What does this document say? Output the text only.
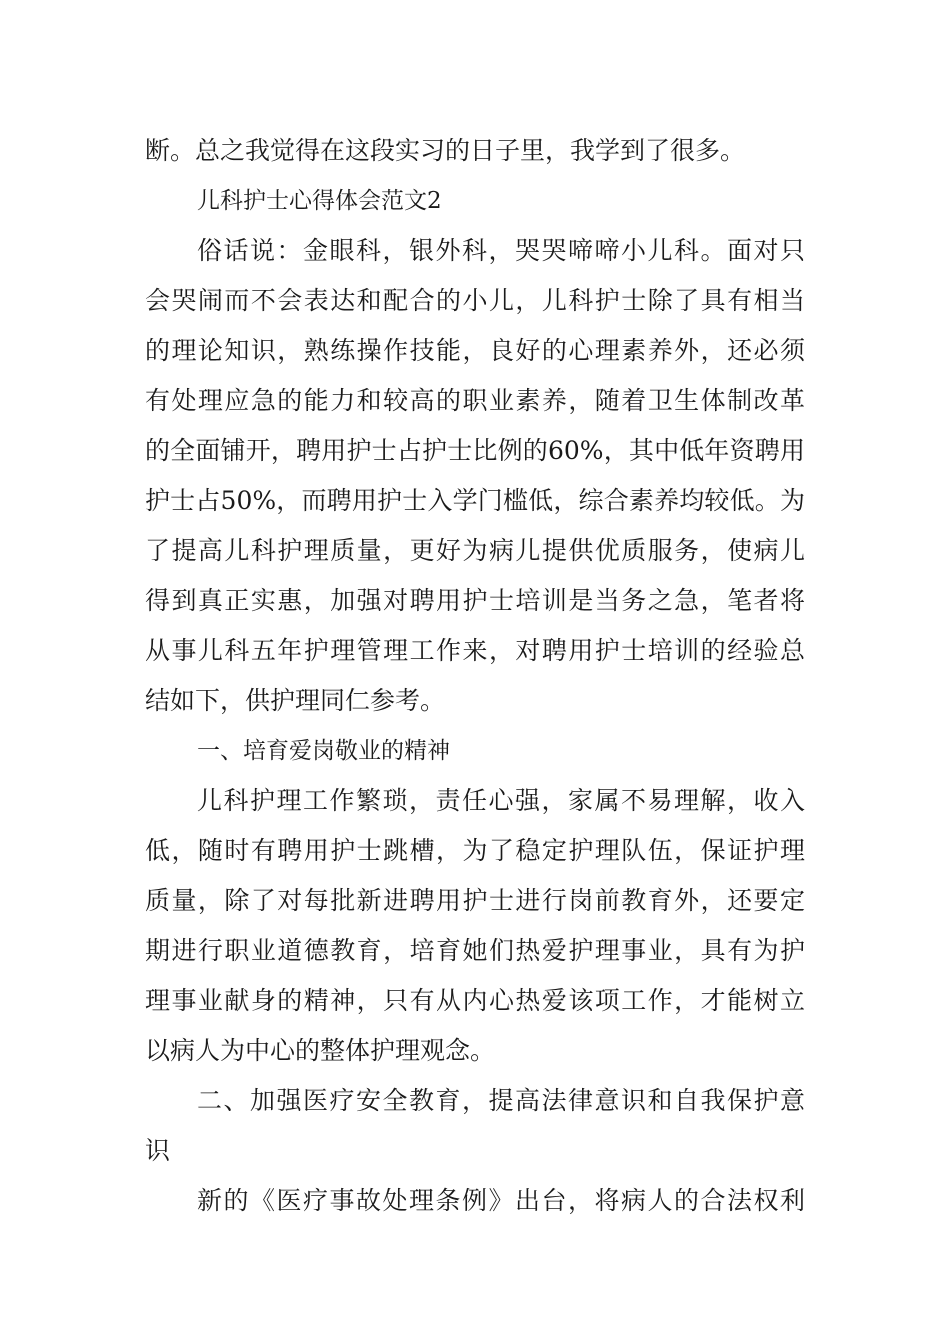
断。总之我觉得在这段实习的日子里，我学到了很多。
儿科护士心得体会范文2
俗话说：金眼科，银外科，哭哭啼啼小儿科。面对只
会哭闹而不会表达和配合的小儿，儿科护士除了具有相当
的理论知识，熟练操作技能，良好的心理素养外，还必须
有处理应急的能力和较高的职业素养，随着卫生体制改革
的全面铺开，聘用护士占护士比例的60%，其中低年资聘用
护士占50%，而聘用护士入学门槛低，综合素养均较低。为
了提高儿科护理质量，更好为病儿提供优质服务，使病儿
得到真正实惠，加强对聘用护士培训是当务之急，笔者将
从事儿科五年护理管理工作来，对聘用护士培训的经验总
结如下，供护理同仁参考。
一、培育爱岗敬业的精神
儿科护理工作繁琐，责任心强，家属不易理解，收入
低，随时有聘用护士跳槽，为了稳定护理队伍，保证护理
质量，除了对每批新进聘用护士进行岗前教育外，还要定
期进行职业道德教育，培育她们热爱护理事业，具有为护
理事业献身的精神，只有从内心热爱该项工作，才能树立
以病人为中心的整体护理观念。
二、加强医疗安全教育，提高法律意识和自我保护意
识
新的《医疗事故处理条例》出台，将病人的合法权利
